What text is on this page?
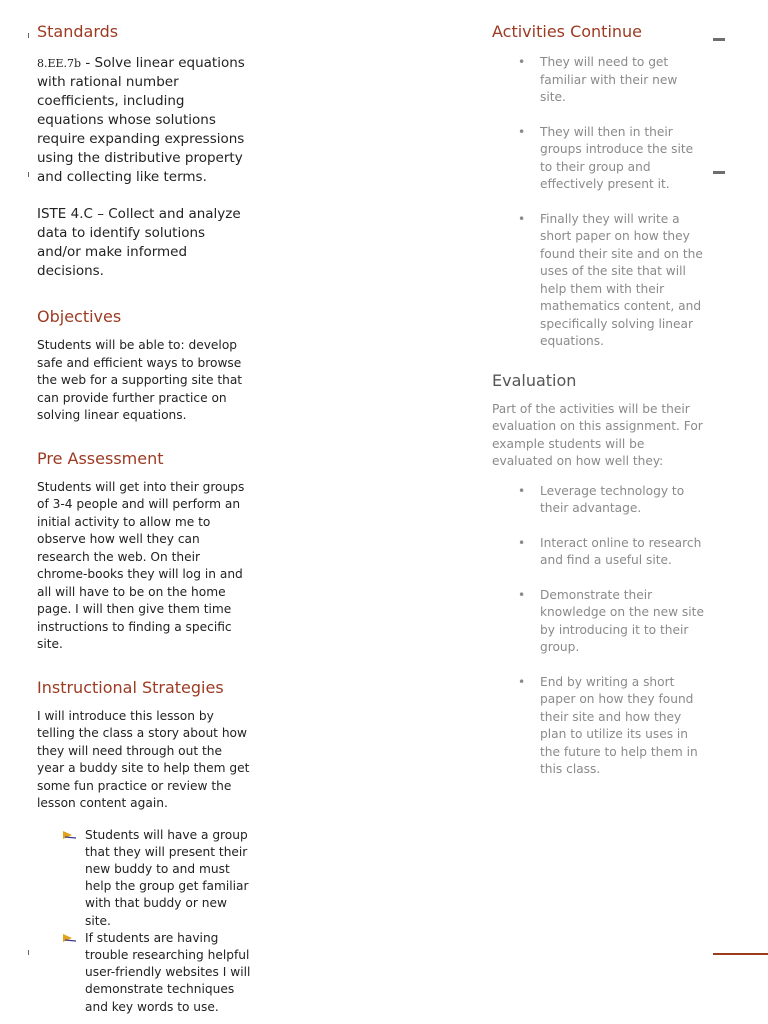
Standards

8.EE.7b - Solve linear equations with rational number coefficients, including equations whose solutions require expanding expressions using the distributive property and collecting like terms.

ISTE 4.C – Collect and analyze data to identify solutions and/or make informed decisions.

Objectives

Students will be able to: develop safe and efficient ways to browse the web for a supporting site that can provide further practice on solving linear equations.

Pre Assessment

Students will get into their groups of 3-4 people and will perform an initial activity to allow me to observe how well they can research the web. On their chrome-books they will log in and all will have to be on the home page. I will then give them time instructions to finding a specific site.

Instructional Strategies

I will introduce this lesson by telling the class a story about how they will need through out the year a buddy site to help them get some fun practice or review the lesson content again.

Students will have a group that they will present their new buddy to and must help the group get familiar with that buddy or new site.
If students are having trouble researching helpful user-friendly websites I will demonstrate techniques and key words to use.
Activities Continue
• They will need to get familiar with their new site.
• They will then in their groups introduce the site to their group and effectively present it.
• Finally they will write a short paper on how they found their site and on the uses of the site that will help them with their mathematics content, and specifically solving linear equations.
Evaluation

Part of the activities will be their evaluation on this assignment. For example students will be evaluated on how well they:

• Leverage technology to their advantage.
• Interact online to research and find a useful site.
• Demonstrate their knowledge on the new site by introducing it to their group.
• End by writing a short paper on how they found their site and how they plan to utilize its uses in the future to help them in this class.
